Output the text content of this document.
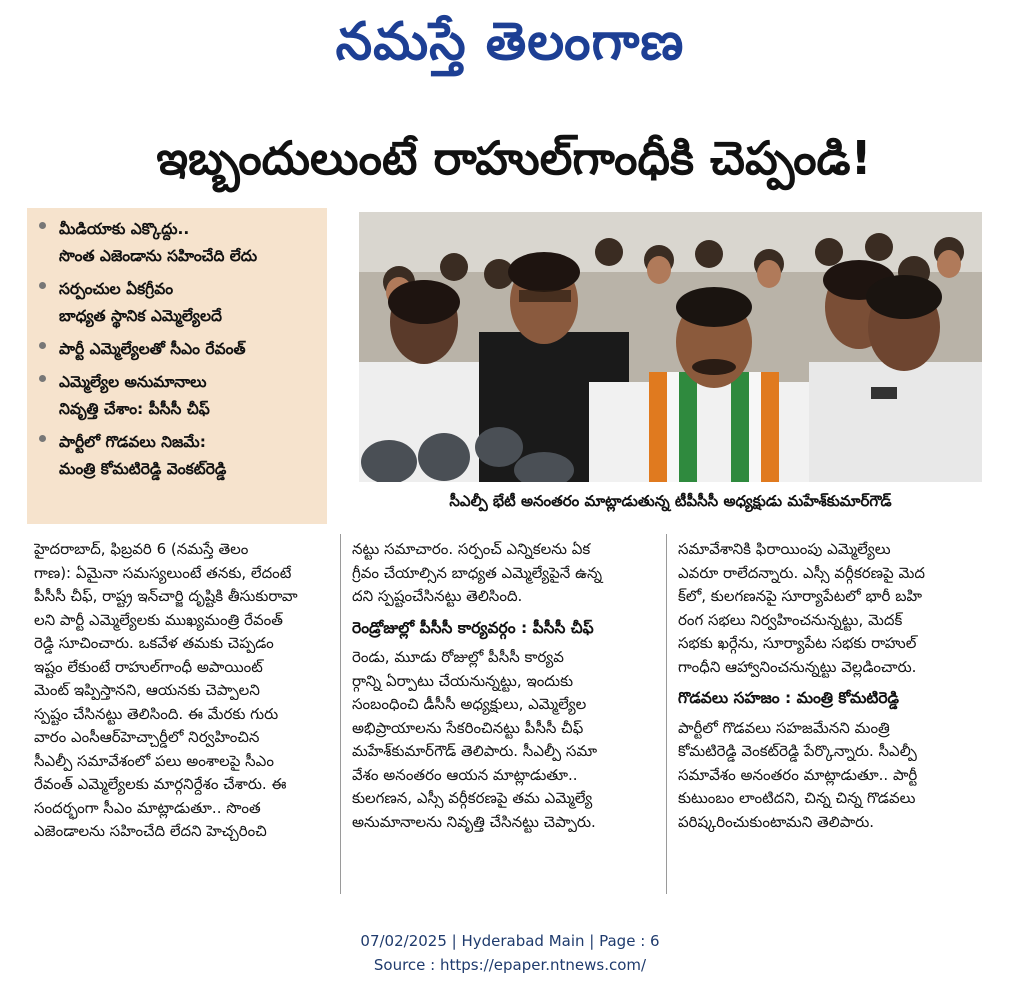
నమస్తే తెలంగాణ
ఇబ్బందులుంటే రాహుల్‌గాంధీకి చెప్పండి!
మీడియాకు ఎక్కొద్దు..
సొంత ఎజెండాను సహించేది లేదు
సర్పంచుల ఏకగ్రీవం
బాధ్యత స్థానిక ఎమ్మెల్యేలదే
పార్టీ ఎమ్మెల్యేలతో సీఎం రేవంత్
ఎమ్మెల్యేల అనుమానాలు
నివృత్తి చేశాం: పీసీసీ చీఫ్
పార్టీలో గొడవలు నిజమే:
మంత్రి కోమటిరెడ్డి వెంకట్‌రెడ్డి
సీఎల్పీ భేటీ అనంతరం మాట్లాడుతున్న టీపీసీసీ అధ్యక్షుడు మహేశ్‌కుమార్‌గౌడ్
హైదరాబాద్‌, ఫిబ్రవరి 6 (నమస్తే తెలం
గాణ): ఏమైనా సమస్యలుంటే తనకు, లేదంటే
పీసీసీ చీఫ్‌, రాష్ట్ర ఇన్‌చార్జి దృష్టికి తీసుకురావా
లని పార్టీ ఎమ్మెల్యేలకు ముఖ్యమంత్రి రేవంత్‌
రెడ్డి సూచించారు. ఒకవేళ తమకు చెప్పడం
ఇష్టం లేకుంటే రాహుల్‌గాంధీ అపాయింట్‌
మెంట్‌ ఇప్పిస్తానని, ఆయనకు చెప్పాలని
స్పష్టం చేసినట్టు తెలిసింది. ఈ మేరకు గురు
వారం ఎంసీఆర్‌హెచ్చార్డీలో నిర్వహించిన
సీఎల్పీ సమావేశంలో పలు అంశాలపై సీఎం
రేవంత్‌ ఎమ్మెల్యేలకు మార్గనిర్దేశం చేశారు. ఈ
సందర్భంగా సీఎం మాట్లాడుతూ.. సొంత
ఎజెండాలను సహించేది లేదని హెచ్చరించి
నట్టు సమాచారం. సర్పంచ్‌ ఎన్నికలను ఏక
గ్రీవం చేయాల్సిన బాధ్యత ఎమ్మెల్యేపైనే ఉన్న
దని స్పష్టంచేసినట్టు తెలిసింది.
రెండ్రోజుల్లో పీసీసీ కార్యవర్గం : పీసీసీ చీఫ్‌
రెండు, మూడు రోజుల్లో పీసీసీ కార్యవ
ర్గాన్ని ఏర్పాటు చేయనున్నట్టు, ఇందుకు
సంబంధించి డీసీసీ అధ్యక్షులు, ఎమ్మెల్యేల
అభిప్రాయాలను సేకరించినట్టు పీసీసీ చీఫ్‌
మహేశ్‌కుమార్‌గౌడ్‌ తెలిపారు. సీఎల్పీ సమా
వేశం అనంతరం ఆయన మాట్లాడుతూ..
కులగణన, ఎస్సీ వర్గీకరణపై తమ ఎమ్మెల్యే
అనుమానాలను నివృత్తి చేసినట్టు చెప్పారు.
సమావేశానికి ఫిరాయింపు ఎమ్మెల్యేలు
ఎవరూ రాలేదన్నారు. ఎస్సీ వర్గీకరణపై మెద
క్‌లో, కులగణనపై సూర్యాపేటలో భారీ బహి
రంగ సభలు నిర్వహించనున్నట్టు, మెదక్‌
సభకు ఖర్గేను, సూర్యాపేట సభకు రాహుల్‌
గాంధీని ఆహ్వానించనున్నట్టు వెల్లడించారు.
గొడవలు సహజం : మంత్రి కోమటిరెడ్డి
పార్టీలో గొడవలు సహజమేనని మంత్రి
కోమటిరెడ్డి వెంకట్‌రెడ్డి పేర్కొన్నారు. సీఎల్పీ
సమావేశం అనంతరం మాట్లాడుతూ.. పార్టీ
కుటుంబం లాంటిదని, చిన్న చిన్న గొడవలు
పరిష్కరించుకుంటామని తెలిపారు.
07/02/2025 | Hyderabad Main | Page : 6
Source : https://epaper.ntnews.com/
